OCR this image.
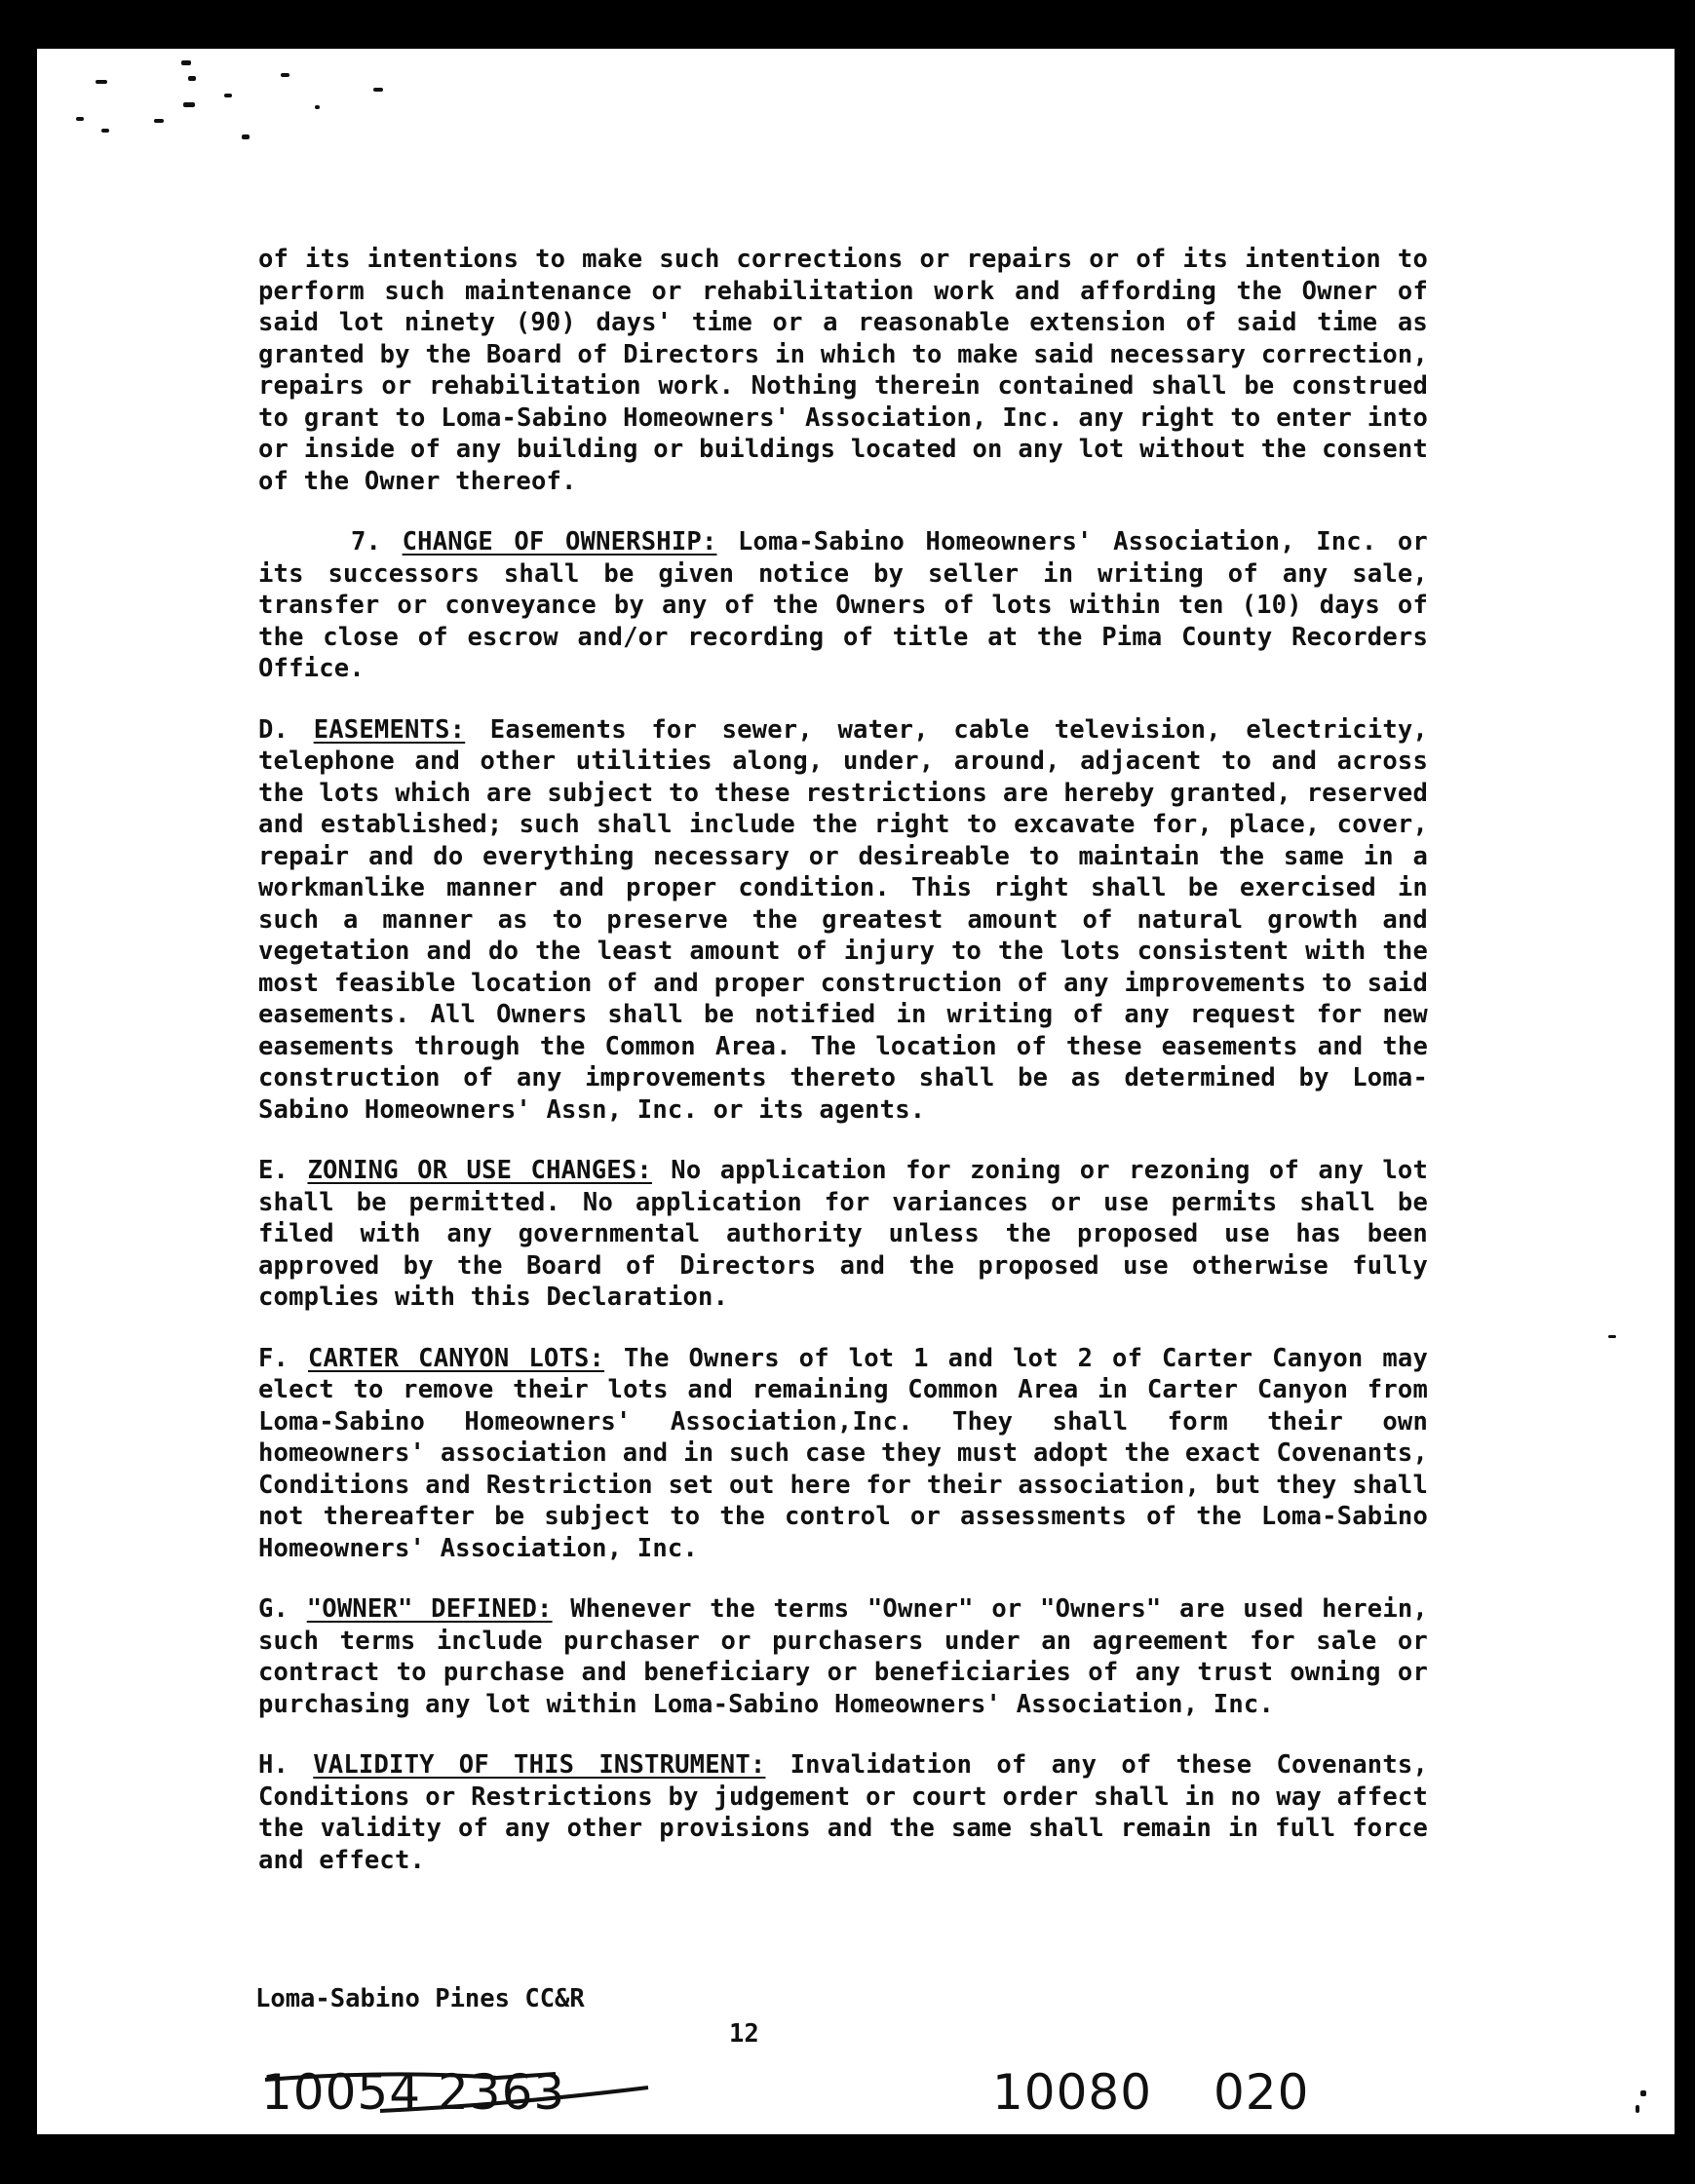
of its intentions to make such corrections or repairs or of its intention to perform such maintenance or rehabilitation work and affording the Owner of said lot ninety (90) days' time or a reasonable extension of said time as granted by the Board of Directors in which to make said necessary correction, repairs or rehabilitation work. Nothing therein contained shall be construed to grant to Loma-Sabino Homeowners' Association, Inc. any right to enter into or inside of any building or buildings located on any lot without the consent of the Owner thereof.

7. CHANGE OF OWNERSHIP: Loma-Sabino Homeowners' Association, Inc. or its successors shall be given notice by seller in writing of any sale, transfer or conveyance by any of the Owners of lots within ten (10) days of the close of escrow and/or recording of title at the Pima County Recorders Office.

D. EASEMENTS: Easements for sewer, water, cable television, electricity, telephone and other utilities along, under, around, adjacent to and across the lots which are subject to these restrictions are hereby granted, reserved and established; such shall include the right to excavate for, place, cover, repair and do everything necessary or desireable to maintain the same in a workmanlike manner and proper condition. This right shall be exercised in such a manner as to preserve the greatest amount of natural growth and vegetation and do the least amount of injury to the lots consistent with the most feasible location of and proper construction of any improvements to said easements. All Owners shall be notified in writing of any request for new easements through the Common Area. The location of these easements and the construction of any improvements thereto shall be as determined by Loma-Sabino Homeowners' Assn, Inc. or its agents.

E. ZONING OR USE CHANGES: No application for zoning or rezoning of any lot shall be permitted. No application for variances or use permits shall be filed with any governmental authority unless the proposed use has been approved by the Board of Directors and the proposed use otherwise fully complies with this Declaration.

F. CARTER CANYON LOTS: The Owners of lot 1 and lot 2 of Carter Canyon may elect to remove their lots and remaining Common Area in Carter Canyon from Loma-Sabino Homeowners' Association,Inc. They shall form their own homeowners' association and in such case they must adopt the exact Covenants, Conditions and Restriction set out here for their association, but they shall not thereafter be subject to the control or assessments of the Loma-Sabino Homeowners' Association, Inc.

G. "OWNER" DEFINED: Whenever the terms "Owner" or "Owners" are used herein, such terms include purchaser or purchasers under an agreement for sale or contract to purchase and beneficiary or beneficiaries of any trust owning or purchasing any lot within Loma-Sabino Homeowners' Association, Inc.

H. VALIDITY OF THIS INSTRUMENT: Invalidation of any of these Covenants, Conditions or Restrictions by judgement or court order shall in no way affect the validity of any other provisions and the same shall remain in full force and effect.

Loma-Sabino Pines CC&R
12
10054 2363	10080 020
